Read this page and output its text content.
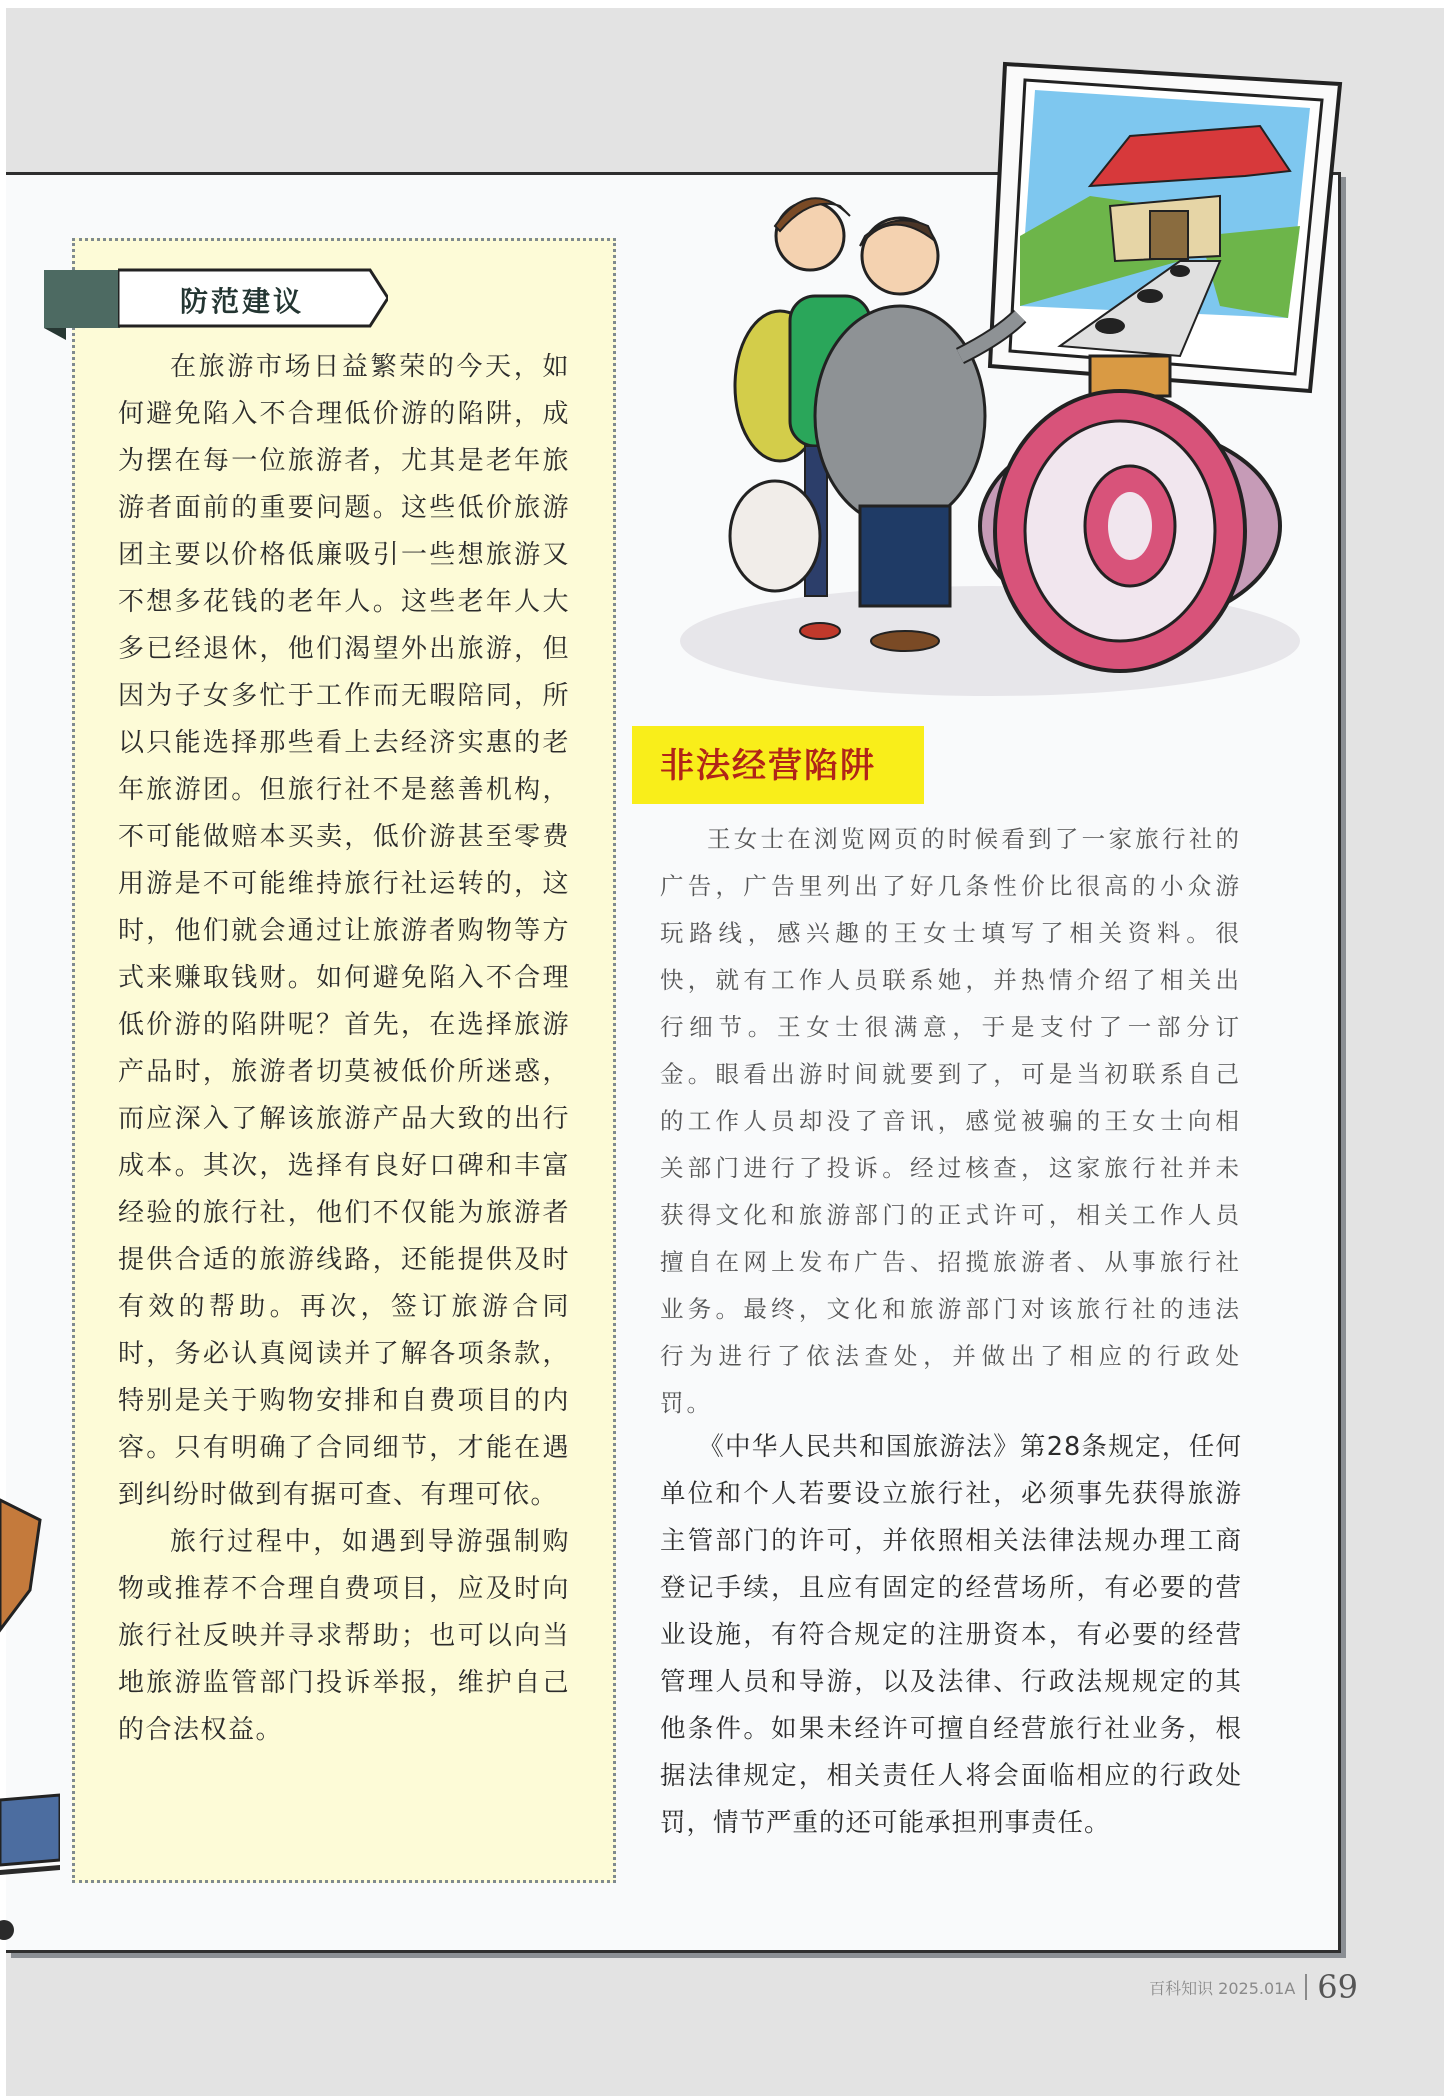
防范建议

在旅游市场日益繁荣的今天，如何避免陷入不合理低价游的陷阱，成为摆在每一位旅游者，尤其是老年旅游者面前的重要问题。这些低价旅游团主要以价格低廉吸引一些想旅游又不想多花钱的老年人。这些老年人大多已经退休，他们渴望外出旅游，但因为子女多忙于工作而无暇陪同，所以只能选择那些看上去经济实惠的老年旅游团。但旅行社不是慈善机构，不可能做赔本买卖，低价游甚至零费用游是不可能维持旅行社运转的，这时，他们就会通过让旅游者购物等方式来赚取钱财。如何避免陷入不合理低价游的陷阱呢？首先，在选择旅游产品时，旅游者切莫被低价所迷惑，而应深入了解该旅游产品大致的出行成本。其次，选择有良好口碑和丰富经验的旅行社，他们不仅能为旅游者提供合适的旅游线路，还能提供及时有效的帮助。再次，签订旅游合同时，务必认真阅读并了解各项条款，特别是关于购物安排和自费项目的内容。只有明确了合同细节，才能在遇到纠纷时做到有据可查、有理可依。

旅行过程中，如遇到导游强制购物或推荐不合理自费项目，应及时向旅行社反映并寻求帮助；也可以向当地旅游监管部门投诉举报，维护自己的合法权益。

非法经营陷阱

王女士在浏览网页的时候看到了一家旅行社的广告，广告里列出了好几条性价比很高的小众游玩路线，感兴趣的王女士填写了相关资料。很快，就有工作人员联系她，并热情介绍了相关出行细节。王女士很满意，于是支付了一部分订金。眼看出游时间就要到了，可是当初联系自己的工作人员却没了音讯，感觉被骗的王女士向相关部门进行了投诉。经过核查，这家旅行社并未获得文化和旅游部门的正式许可，相关工作人员擅自在网上发布广告、招揽旅游者、从事旅行社业务。最终，文化和旅游部门对该旅行社的违法行为进行了依法查处，并做出了相应的行政处罚。

《中华人民共和国旅游法》第28条规定，任何单位和个人若要设立旅行社，必须事先获得旅游主管部门的许可，并依照相关法律法规办理工商登记手续，且应有固定的经营场所，有必要的营业设施，有符合规定的注册资本，有必要的经营管理人员和导游，以及法律、行政法规规定的其他条件。如果未经许可擅自经营旅行社业务，根据法律规定，相关责任人将会面临相应的行政处罚，情节严重的还可能承担刑事责任。

百科知识 2025.01A 69
